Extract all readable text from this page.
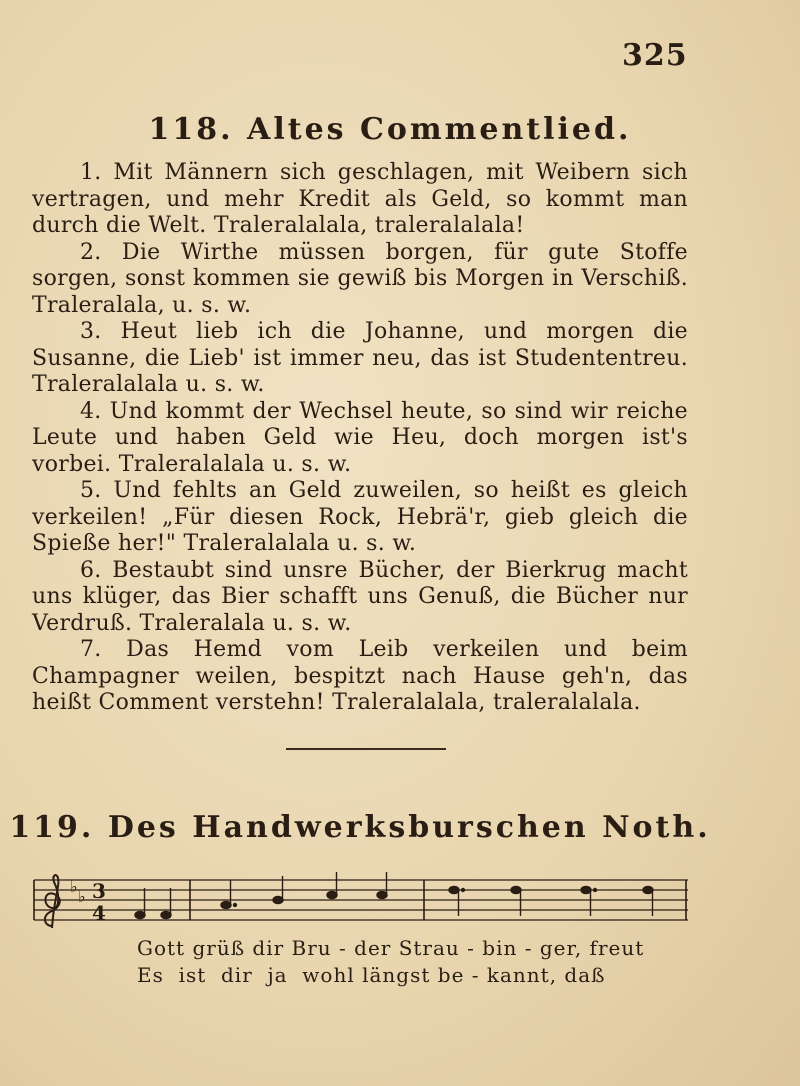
325
118. Altes Commentlied.

1. Mit Männern sich geschlagen, mit Weibern sich vertragen, und mehr Kredit als Geld, so kommt man durch die Welt. Traleralalala, traleralalala!

2. Die Wirthe müssen borgen, für gute Stoffe sorgen, sonst kommen sie gewiß bis Morgen in Verschiß. Traleralala, u. s. w.

3. Heut lieb ich die Johanne, und morgen die Susanne, die Lieb' ist immer neu, das ist Studententreu. Traleralalala u. s. w.

4. Und kommt der Wechsel heute, so sind wir reiche Leute und haben Geld wie Heu, doch morgen ist's vorbei. Traleralalala u. s. w.

5. Und fehlts an Geld zuweilen, so heißt es gleich verkeilen! „Für diesen Rock, Hebrä'r, gieb gleich die Spieße her!" Traleralalala u. s. w.

6. Bestaubt sind unsre Bücher, der Bierkrug macht uns klüger, das Bier schafft uns Genuß, die Bücher nur Verdruß. Traleralala u. s. w.

7. Das Hemd vom Leib verkeilen und beim Champagner weilen, bespitzt nach Hause geh'n, das heißt Comment verstehn! Traleralalala, traleralalala.

119. Des Handwerksburschen Noth.
♭
♭ 3
4
Gott grüß dir Bru - der Strau - bin - ger, freut
Es  ist  dir  ja  wohl längst be - kannt, daß
